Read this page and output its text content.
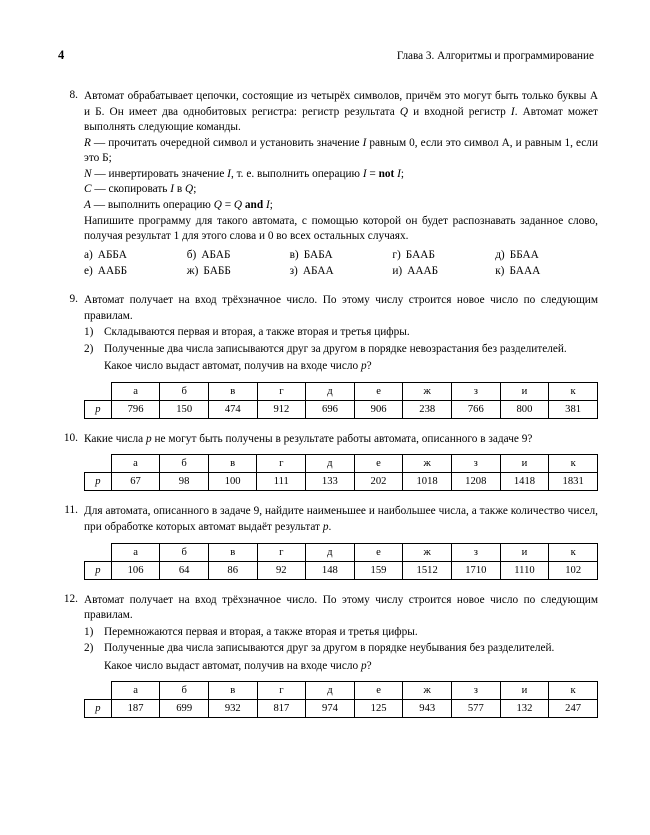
4	Глава 3. Алгоритмы и программирование
8. Автомат обрабатывает цепочки, состоящие из четырёх символов, причём это могут быть только буквы А и Б. Он имеет два однобитовых регистра: регистр результата Q и входной регистр I. Автомат может выполнять следующие команды.
R — прочитать очередной символ и установить значение I равным 0, если это символ А, и равным 1, если это Б;
N — инвертировать значение I, т. е. выполнить операцию I = not I;
C — скопировать I в Q;
A — выполнить операцию Q = Q and I;
Напишите программу для такого автомата, с помощью которой он будет распознавать заданное слово, получая результат 1 для этого слова и 0 во всех остальных случаях.
а) АББА	б) АБАБ	в) БАБА	г) БААБ	д) ББАА
е) ААББ	ж) БАББ	з) АБАА	и) АААБ	к) БААА
9. Автомат получает на вход трёхзначное число. По этому числу строится новое число по следующим правилам.
1) Складываются первая и вторая, а также вторая и третья цифры.
2) Полученные два числа записываются друг за другом в порядке невозрастания без разделителей.
Какое число выдаст автомат, получив на входе число p?
	а	б	в	г	д	е	ж	з	и	к
p	796	150	474	912	696	906	238	766	800	381
10. Какие числа p не могут быть получены в результате работы автомата, описанного в задаче 9?
	а	б	в	г	д	е	ж	з	и	к
p	67	98	100	111	133	202	1018	1208	1418	1831
11. Для автомата, описанного в задаче 9, найдите наименьшее и наибольшее числа, а также количество чисел, при обработке которых автомат выдаёт результат p.
	а	б	в	г	д	е	ж	з	и	к
p	106	64	86	92	148	159	1512	1710	1110	102
12. Автомат получает на вход трёхзначное число. По этому числу строится новое число по следующим правилам.
1) Перемножаются первая и вторая, а также вторая и третья цифры.
2) Полученные два числа записываются друг за другом в порядке неубывания без разделителей.
Какое число выдаст автомат, получив на входе число p?
	а	б	в	г	д	е	ж	з	и	к
p	187	699	932	817	974	125	943	577	132	247
